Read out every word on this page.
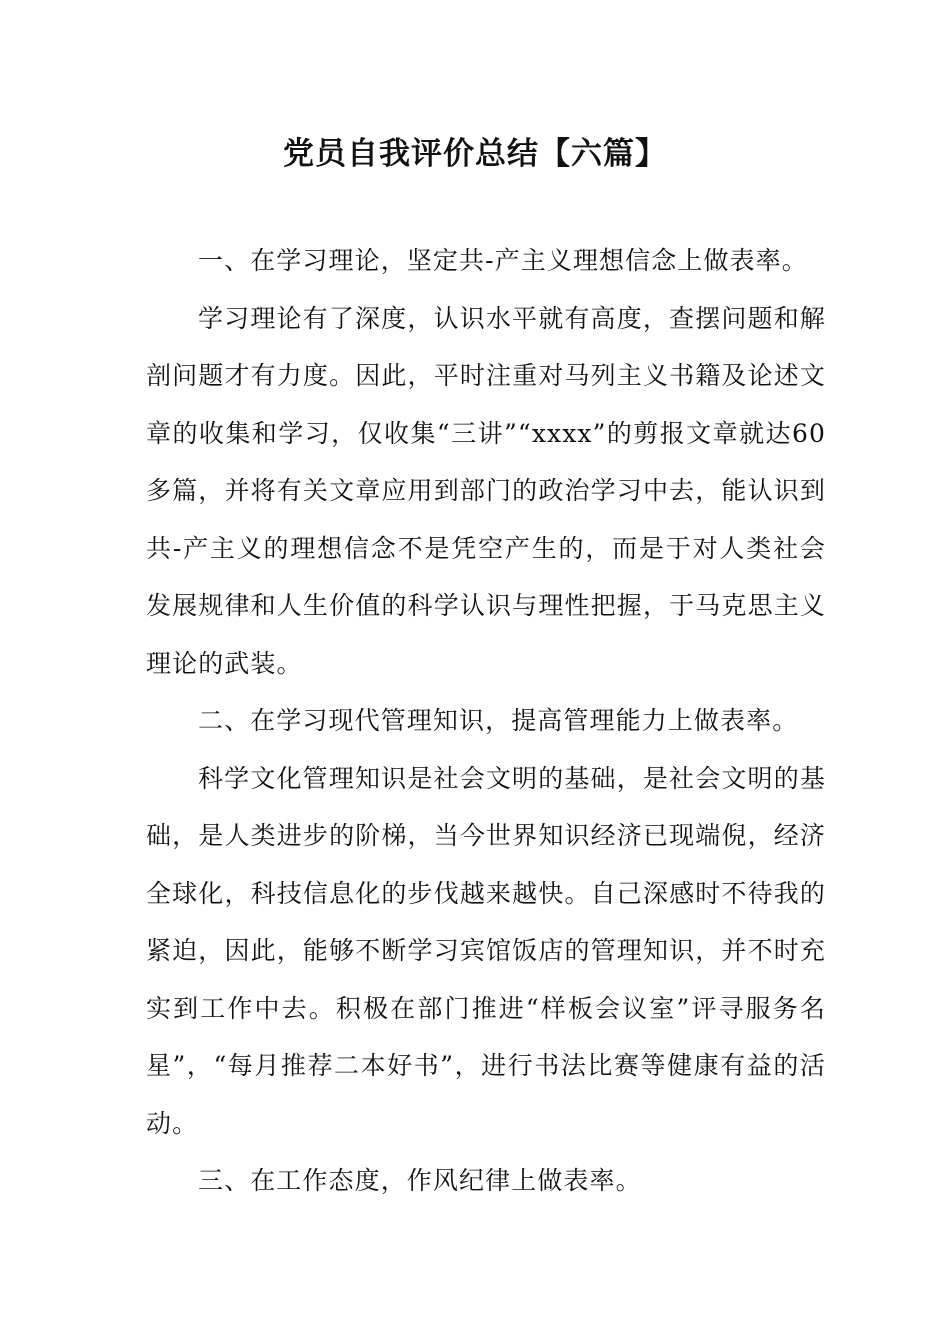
党员自我评价总结【六篇】

一、在学习理论，坚定共-产主义理想信念上做表率。

学习理论有了深度，认识水平就有高度，查摆问题和解剖问题才有力度。因此，平时注重对马列主义书籍及论述文章的收集和学习，仅收集“三讲”“xxxx”的剪报文章就达60多篇，并将有关文章应用到部门的政治学习中去，能认识到共-产主义的理想信念不是凭空产生的，而是于对人类社会发展规律和人生价值的科学认识与理性把握，于马克思主义理论的武装。

二、在学习现代管理知识，提高管理能力上做表率。

科学文化管理知识是社会文明的基础，是社会文明的基础，是人类进步的阶梯，当今世界知识经济已现端倪，经济全球化，科技信息化的步伐越来越快。自己深感时不待我的紧迫，因此，能够不断学习宾馆饭店的管理知识，并不时充实到工作中去。积极在部门推进“样板会议室”评寻服务名星”，“每月推荐二本好书”，进行书法比赛等健康有益的活动。

三、在工作态度，作风纪律上做表率。
